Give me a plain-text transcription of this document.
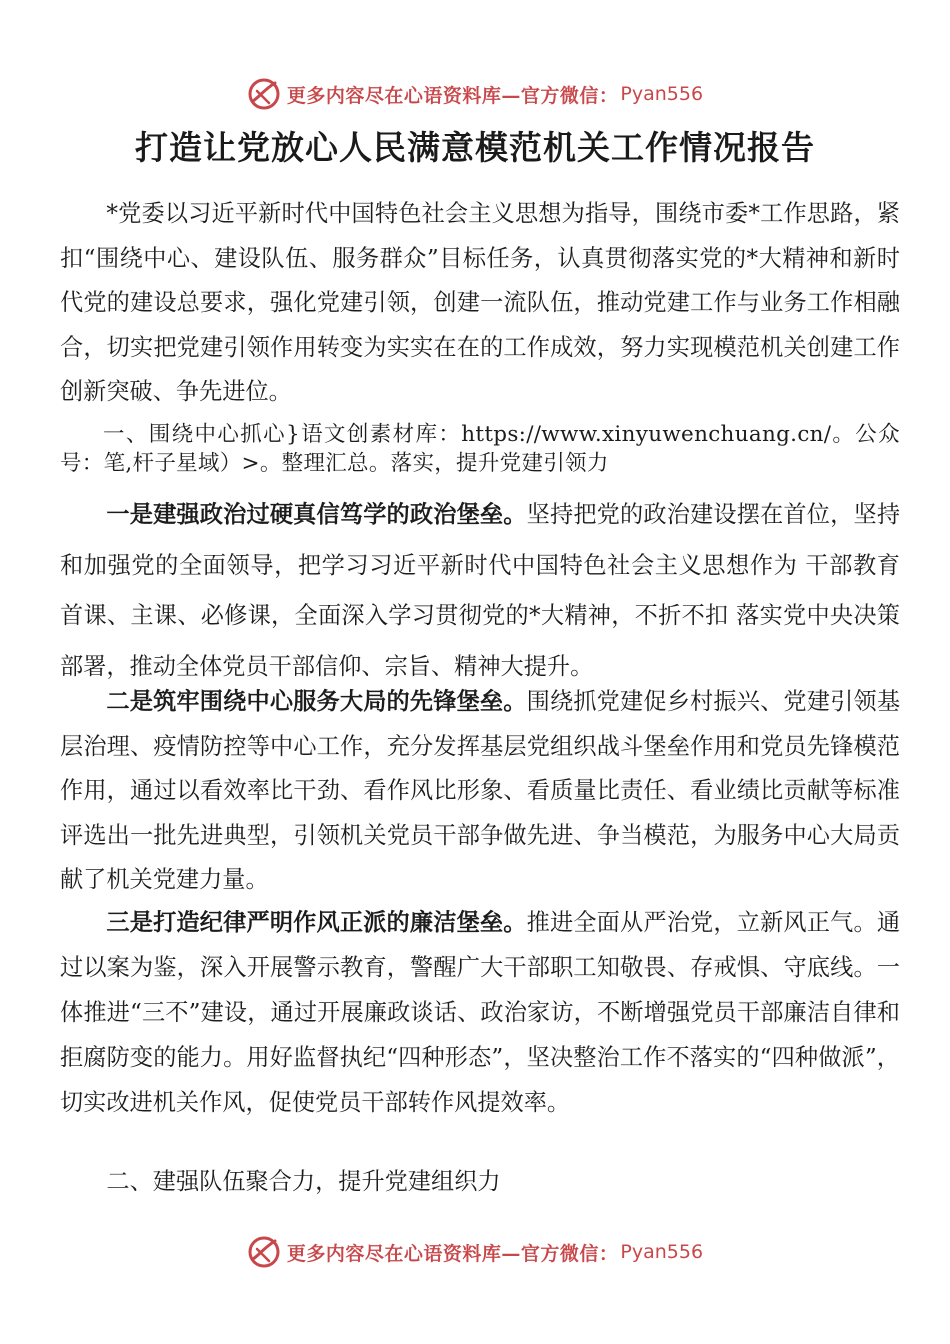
更多内容尽在心语资料库—官方微信： Pyan556
打造让党放心人民满意模范机关工作情况报告

*党委以习近平新时代中国特色社会主义思想为指导，围绕市委*工作思路，紧扣“围绕中心、建设队伍、服务群众”目标任务，认真贯彻落实党的*大精神和新时代党的建设总要求，强化党建引领，创建一流队伍，推动党建工作与业务工作相融合，切实把党建引领作用转变为实实在在的工作成效，努力实现模范机关创建工作创新突破、争先进位。

一、围绕中心抓心}语文创素材库：https://www.xinyuwenchuang.cn/。公众号：笔,杆子星域）>。整理汇总。落实，提升党建引领力

一是建强政治过硬真信笃学的政治堡垒。坚持把党的政治建设摆在首位，坚持和加强党的全面领导，把学习习近平新时代中国特色社会主义思想作为 干部教育首课、主课、必修课，全面深入学习贯彻党的*大精神，不折不扣 落实党中央决策部署，推动全体党员干部信仰、宗旨、精神大提升。

二是筑牢围绕中心服务大局的先锋堡垒。围绕抓党建促乡村振兴、党建引领基层治理、疫情防控等中心工作，充分发挥基层党组织战斗堡垒作用和党员先锋模范作用，通过以看效率比干劲、看作风比形象、看质量比责任、看业绩比贡献等标准评选出一批先进典型，引领机关党员干部争做先进、争当模范，为服务中心大局贡献了机关党建力量。

三是打造纪律严明作风正派的廉洁堡垒。推进全面从严治党，立新风正气。通过以案为鉴，深入开展警示教育，警醒广大干部职工知敬畏、存戒惧、守底线。一体推进“三不”建设，通过开展廉政谈话、政治家访，不断增强党员干部廉洁自律和拒腐防变的能力。用好监督执纪“四种形态”，坚决整治工作不落实的“四种做派”，切实改进机关作风，促使党员干部转作风提效率。

二、建强队伍聚合力，提升党建组织力

更多内容尽在心语资料库—官方微信： Pyan556
